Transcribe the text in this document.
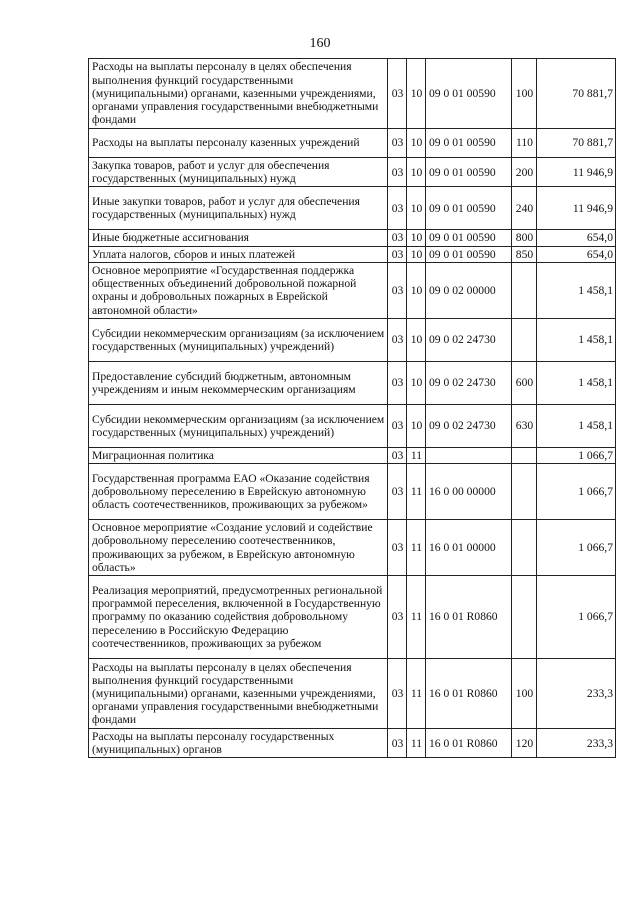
160
Расходы на выплаты персоналу в целях обеспечения выполнения функций государственными (муниципальными) органами, казенными учреждениями, органами управления государственными внебюджетными фондами	03	10	09 0 01 00590	100	70 881,7
Расходы на выплаты персоналу казенных учреждений	03	10	09 0 01 00590	110	70 881,7
Закупка товаров, работ и услуг для обеспечения государственных (муниципальных) нужд	03	10	09 0 01 00590	200	11 946,9
Иные закупки товаров, работ и услуг для обеспечения государственных (муниципальных) нужд	03	10	09 0 01 00590	240	11 946,9
Иные бюджетные ассигнования	03	10	09 0 01 00590	800	654,0
Уплата налогов, сборов и иных платежей	03	10	09 0 01 00590	850	654,0
Основное мероприятие «Государственная поддержка общественных объединений добровольной пожарной охраны и добровольных пожарных в Еврейской автономной области»	03	10	09 0 02 00000		1 458,1
Субсидии некоммерческим организациям (за исключением государственных (муниципальных) учреждений)	03	10	09 0 02 24730		1 458,1
Предоставление субсидий бюджетным, автономным учреждениям и иным некоммерческим организациям	03	10	09 0 02 24730	600	1 458,1
Субсидии некоммерческим организациям (за исключением государственных (муниципальных) учреждений)	03	10	09 0 02 24730	630	1 458,1
Миграционная политика	03	11			1 066,7
Государственная программа ЕАО «Оказание содействия добровольному переселению в Еврейскую автономную область соотечественников, проживающих за рубежом»	03	11	16 0 00 00000		1 066,7
Основное мероприятие «Создание условий и содействие добровольному переселению соотечественников, проживающих за рубежом, в Еврейскую автономную область»	03	11	16 0 01 00000		1 066,7
Реализация мероприятий, предусмотренных региональной программой переселения, включенной в Государственную программу по оказанию содействия добровольному переселению в Российскую Федерацию соотечественников, проживающих за рубежом	03	11	16 0 01 R0860		1 066,7
Расходы на выплаты персоналу в целях обеспечения выполнения функций государственными (муниципальными) органами, казенными учреждениями, органами управления государственными внебюджетными фондами	03	11	16 0 01 R0860	100	233,3
Расходы на выплаты персоналу государственных (муниципальных) органов	03	11	16 0 01 R0860	120	233,3
